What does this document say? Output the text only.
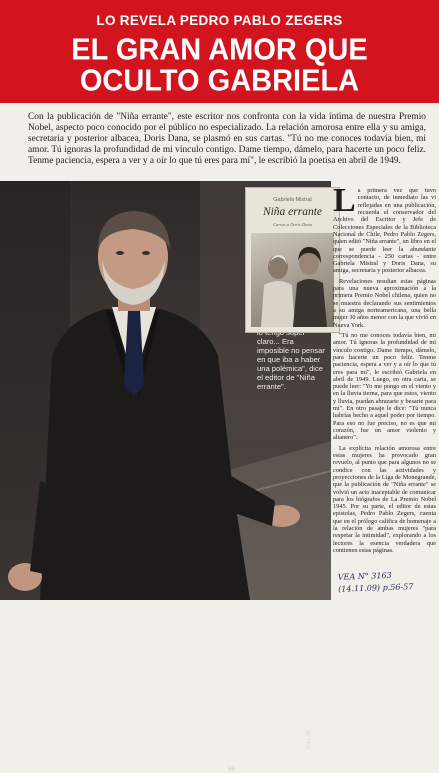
LO REVELA PEDRO PABLO ZEGERS
EL GRAN AMOR QUE
OCULTO GABRIELA

Con la publicación de "Niña errante", este escritor nos confronta con la vida íntima de nuestra Premio Nobel, aspecto poco conocido por el público no especializado. La relación amorosa entre ella y su amiga, secretaria y posterior albacea, Doris Dana, se plasmó en sus cartas. "Tú no me conoces todavía bien, mi amor. Tú ignoras la profundidad de mi vínculo contigo. Dame tiempo, dámelo, para hacerte un poco feliz. Tenme paciencia, espera a ver y a oír lo que tú eres para mí", le escribió la poetisa en abril de 1949.

Foto: VE
58

claro... Era imposible no pensar en que iba a haber una polémica", dice el editor de "Niña errante".

Gabriela Mistral
Niña errante
Cartas a Doris Dana

La primera vez que tuvo contacto, de inmediato las vi reflejadas en una publicación, recuerda el conservador del Archivo del Escritor y Jefe de Colecciones Especiales de la Biblioteca Nacional de Chile, Pedro Pablo Zegers, quien editó "Niña errante", un libro en el que se puede leer la abundante correspondencia - 250 cartas - entre Gabriela Mistral y Doris Dana, su amiga, secretaria y posterior albacea.

Revelaciones resultan estas páginas para una nueva aproximación a la primera Premio Nobel chilena, quien no se muestra declarando sus sentimientos a su amiga norteamericana, una bella mujer 30 años menor con la que vivió en Nueva York.

"Tú no me conoces todavía bien, mi amor. Tú ignoras la profundidad de mi vínculo contigo. Dame tiempo, dámelo, para hacerte un poco feliz. Tenme paciencia, espera a ver y a oír lo que tú eres para mí", le escribió Gabriela en abril de 1949. Luego, en otra carta, se puede leer: "Yo me pongo en el viento y en la lluvia tierna, para que estos, viento y lluvia, puedan abrazarte y besarte para mí". En otro pasaje le dice: "Tú nunca habrías hecho a aquel poder por tiempo. Para eso no fue preciso, no es que mi corazón, fue un amor violento y altanero".

La explícita relación amorosa entre estas mujeres ha provocado gran revuelo, al punto que para algunos no se condice con las actividades y proyecciones de la Liga de Monegrande, que la publicación de "Niña errante" se volvió un acto inaceptable de comunicar para los biógrafos de La Premio Nobel 1945. Por su parte, el editor de estas epístolas, Pedro Pablo Zegers, cuenta que en el prólogo califica de homenaje a la relación de ambas mujeres "para respetar la intimidad", explorando a los lectores la esencia verdadera que contienen estas páginas.

VEA N° 3163
(14.11.09) p.56-57
